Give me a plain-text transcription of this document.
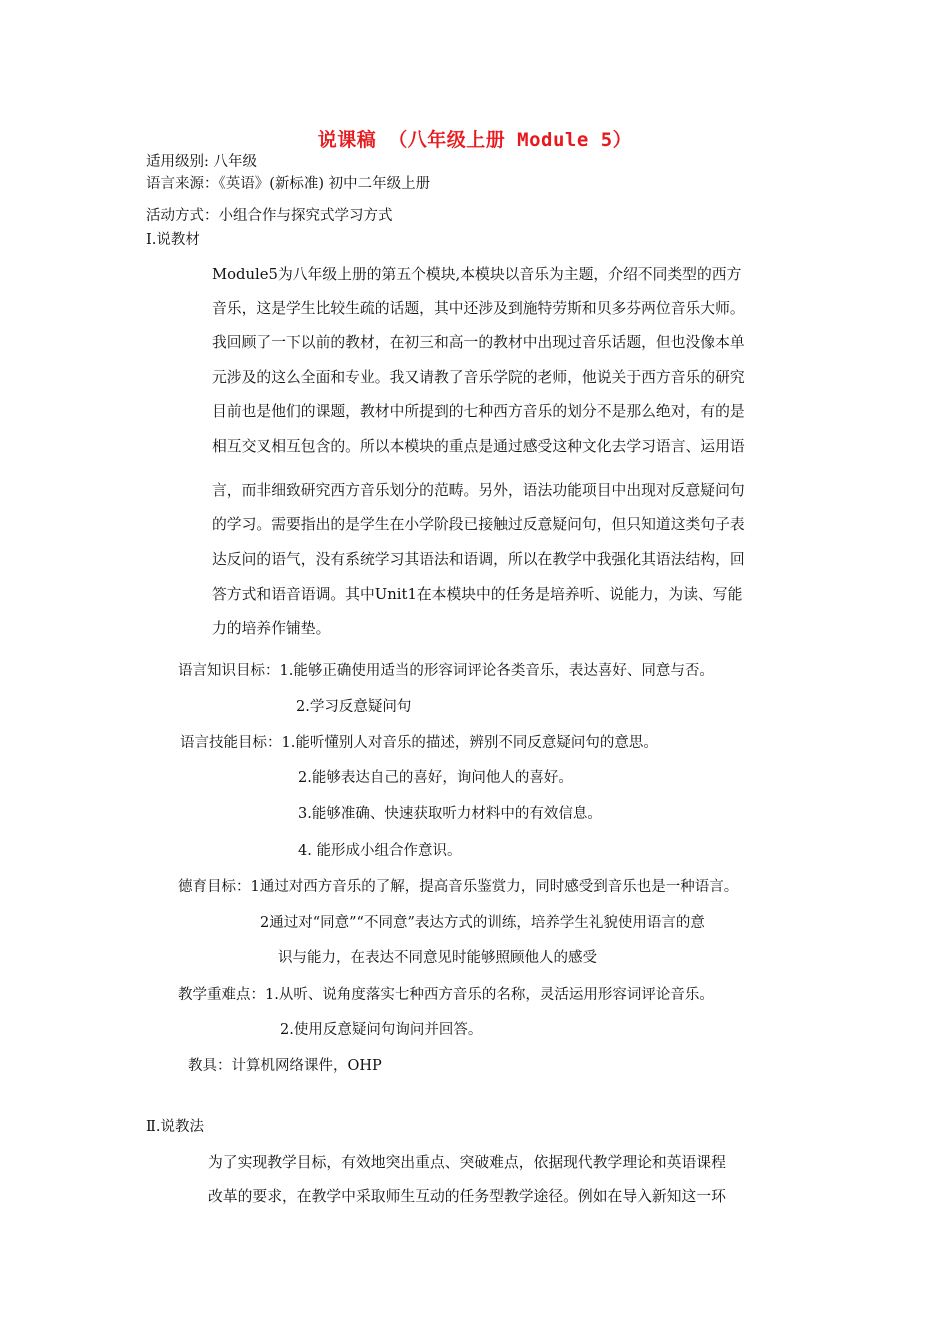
说课稿 （八年级上册 Module 5）
适用级别: 八年级
语言来源：《英语》(新标准) 初中二年级上册
活动方式：小组合作与探究式学习方式
Ⅰ.说教材
Module5为八年级上册的第五个模块,本模块以音乐为主题，介绍不同类型的西方
音乐，这是学生比较生疏的话题，其中还涉及到施特劳斯和贝多芬两位音乐大师。
我回顾了一下以前的教材，在初三和高一的教材中出现过音乐话题，但也没像本单
元涉及的这么全面和专业。我又请教了音乐学院的老师，他说关于西方音乐的研究
目前也是他们的课题，教材中所提到的七种西方音乐的划分不是那么绝对，有的是
相互交叉相互包含的。所以本模块的重点是通过感受这种文化去学习语言、运用语
言，而非细致研究西方音乐划分的范畴。另外，语法功能项目中出现对反意疑问句
的学习。需要指出的是学生在小学阶段已接触过反意疑问句，但只知道这类句子表
达反问的语气，没有系统学习其语法和语调，所以在教学中我强化其语法结构，回
答方式和语音语调。其中Unit1在本模块中的任务是培养听、说能力，为读、写能
力的培养作铺垫。
语言知识目标：1.能够正确使用适当的形容词评论各类音乐，表达喜好、同意与否。
2.学习反意疑问句
语言技能目标：1.能听懂别人对音乐的描述，辨别不同反意疑问句的意思。
2.能够表达自己的喜好，询问他人的喜好。
3.能够准确、快速获取听力材料中的有效信息。
4. 能形成小组合作意识。
德育目标：1通过对西方音乐的了解，提高音乐鉴赏力，同时感受到音乐也是一种语言。
2通过对“同意”“不同意”表达方式的训练，培养学生礼貌使用语言的意
识与能力，在表达不同意见时能够照顾他人的感受
教学重难点：1.从听、说角度落实七种西方音乐的名称，灵活运用形容词评论音乐。
2.使用反意疑问句询问并回答。
教具：计算机网络课件，OHP
Ⅱ.说教法
为了实现教学目标，有效地突出重点、突破难点，依据现代教学理论和英语课程
改革的要求，在教学中采取师生互动的任务型教学途径。例如在导入新知这一环
